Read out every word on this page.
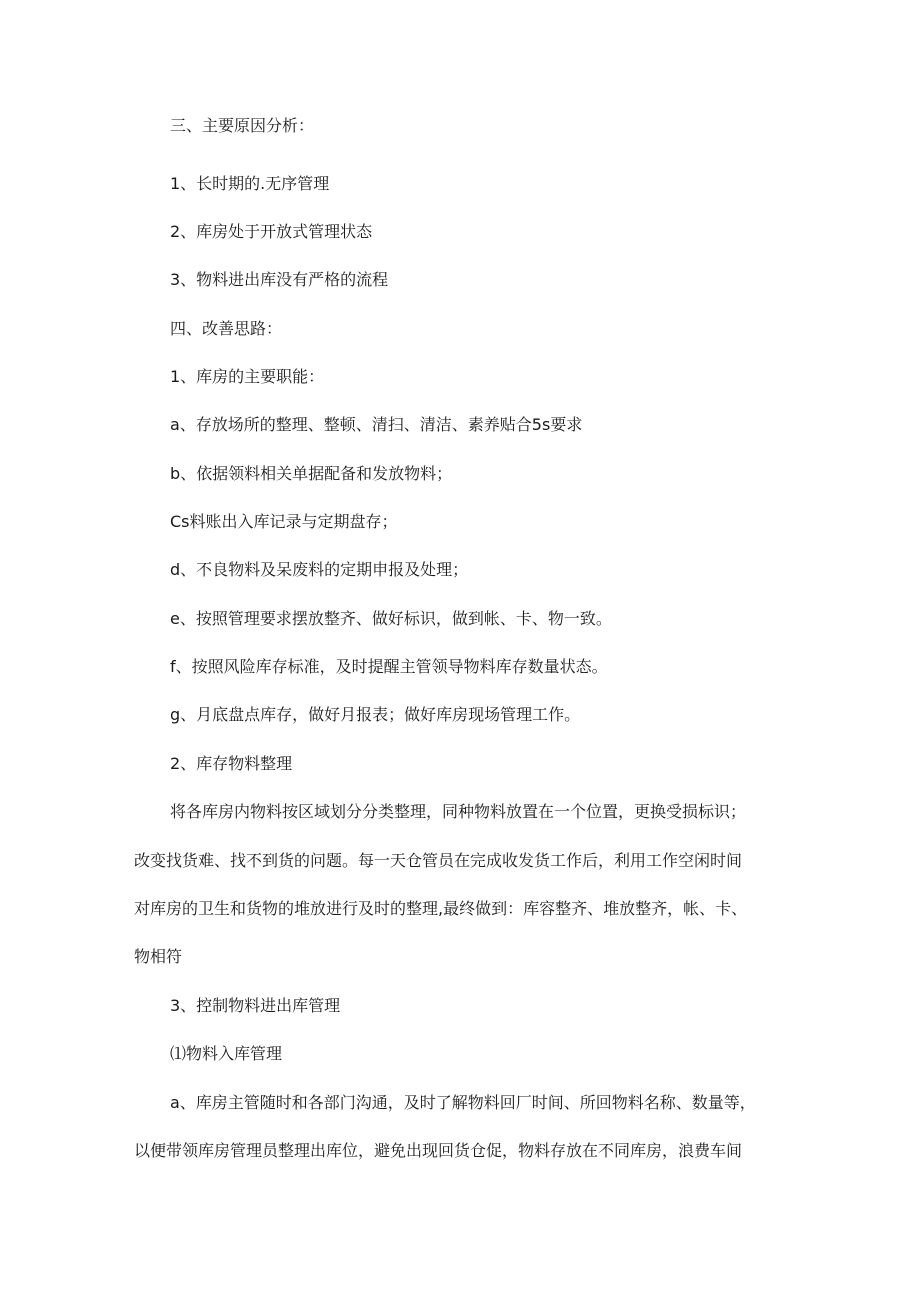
三、主要原因分析：

1、长时期的.无序管理

2、库房处于开放式管理状态

3、物料进出库没有严格的流程

四、改善思路：

1、库房的主要职能：

a、存放场所的整理、整顿、清扫、清洁、素养贴合5s要求

b、依据领料相关单据配备和发放物料；

Cs料账出入库记录与定期盘存；

d、不良物料及呆废料的定期申报及处理；

e、按照管理要求摆放整齐、做好标识，做到帐、卡、物一致。

f、按照风险库存标准，及时提醒主管领导物料库存数量状态。

g、月底盘点库存，做好月报表；做好库房现场管理工作。

2、库存物料整理

将各库房内物料按区域划分分类整理，同种物料放置在一个位置，更换受损标识；

改变找货难、找不到货的问题。每一天仓管员在完成收发货工作后，利用工作空闲时间

对库房的卫生和货物的堆放进行及时的整理,最终做到：库容整齐、堆放整齐，帐、卡、

物相符

3、控制物料进出库管理

⑴物料入库管理

a、库房主管随时和各部门沟通，及时了解物料回厂时间、所回物料名称、数量等，

以便带领库房管理员整理出库位，避免出现回货仓促，物料存放在不同库房，浪费车间
